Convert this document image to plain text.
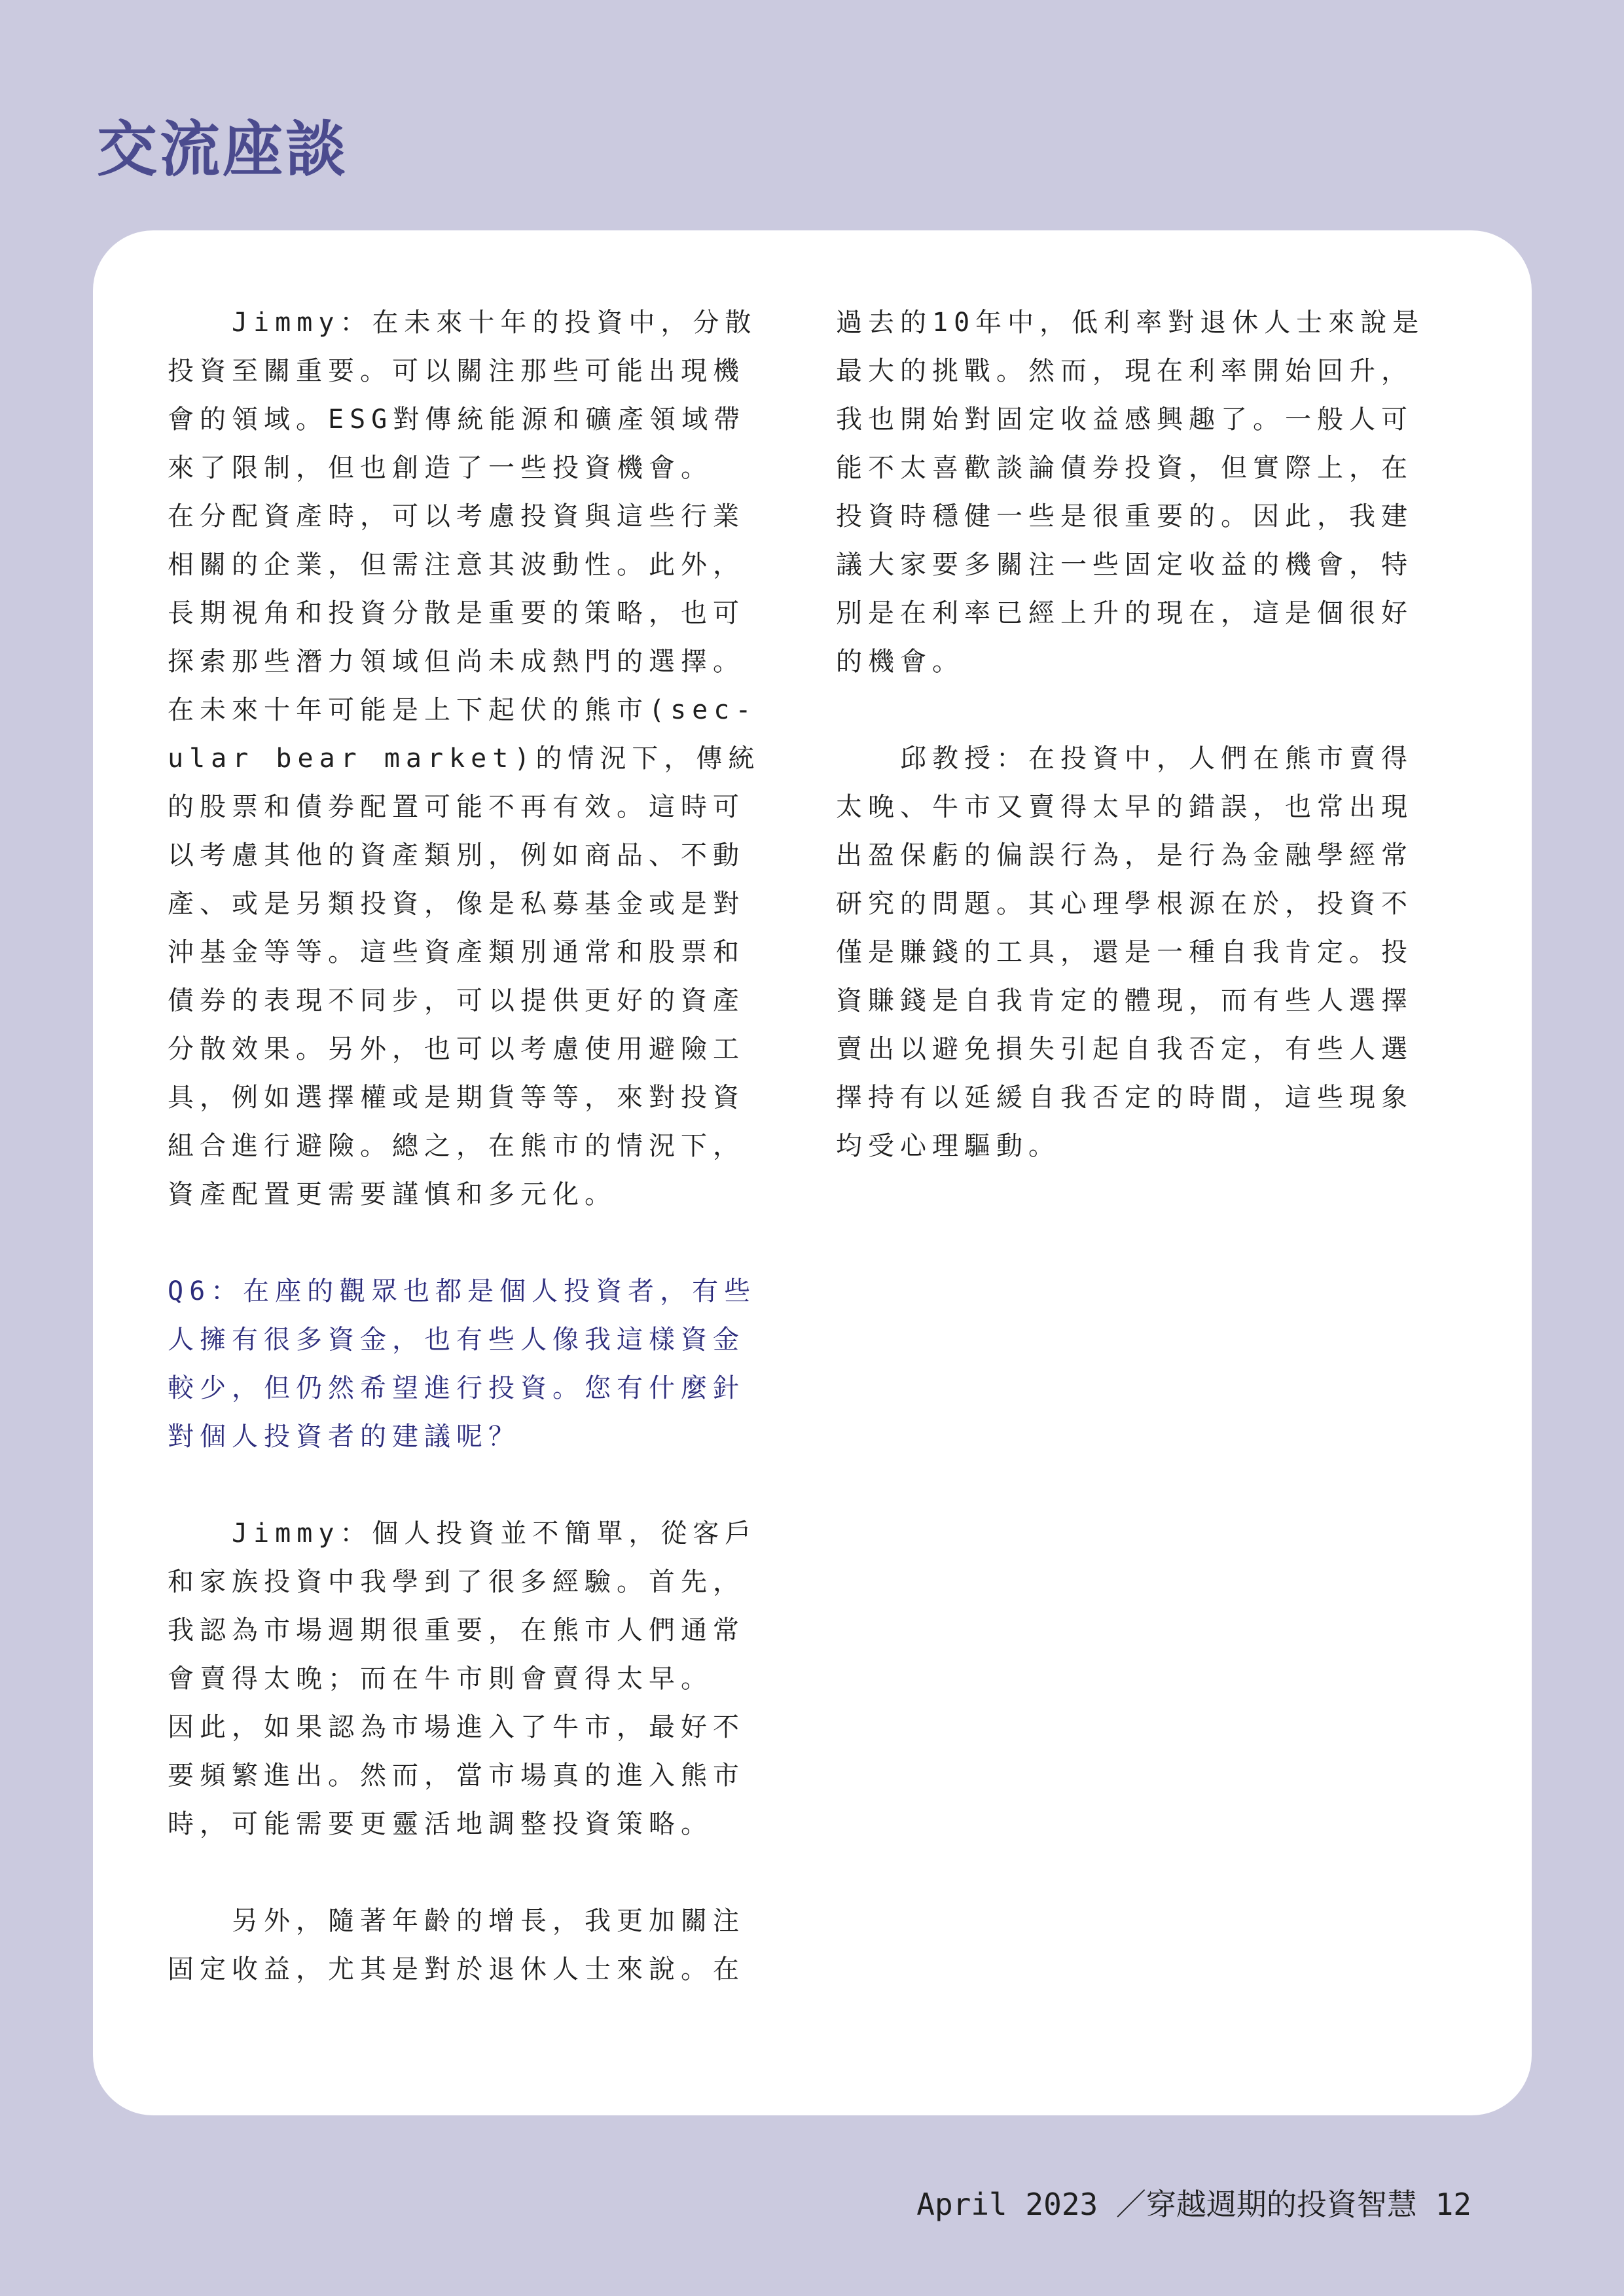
交流座談
　　Jimmy：在未來十年的投資中，分散
投資至關重要。可以關注那些可能出現機
會的領域。ESG對傳統能源和礦產領域帶
來了限制，但也創造了一些投資機會。
在分配資產時，可以考慮投資與這些行業
相關的企業，但需注意其波動性。此外，
長期視角和投資分散是重要的策略，也可
探索那些潛力領域但尚未成熱門的選擇。
在未來十年可能是上下起伏的熊市(sec-
ular bear market)的情況下，傳統
的股票和債券配置可能不再有效。這時可
以考慮其他的資產類別，例如商品、不動
產、或是另類投資，像是私募基金或是對
沖基金等等。這些資產類別通常和股票和
債券的表現不同步，可以提供更好的資產
分散效果。另外，也可以考慮使用避險工
具，例如選擇權或是期貨等等，來對投資
組合進行避險。總之，在熊市的情況下，
資產配置更需要謹慎和多元化。
Q6：在座的觀眾也都是個人投資者，有些
人擁有很多資金，也有些人像我這樣資金
較少，但仍然希望進行投資。您有什麼針
對個人投資者的建議呢？
　　Jimmy：個人投資並不簡單，從客戶
和家族投資中我學到了很多經驗。首先，
我認為市場週期很重要，在熊市人們通常
會賣得太晚；而在牛市則會賣得太早。
因此，如果認為市場進入了牛市，最好不
要頻繁進出。然而，當市場真的進入熊市
時，可能需要更靈活地調整投資策略。
　　另外，隨著年齡的增長，我更加關注
固定收益，尤其是對於退休人士來說。在
過去的10年中，低利率對退休人士來說是
最大的挑戰。然而，現在利率開始回升，
我也開始對固定收益感興趣了。一般人可
能不太喜歡談論債券投資，但實際上，在
投資時穩健一些是很重要的。因此，我建
議大家要多關注一些固定收益的機會，特
別是在利率已經上升的現在，這是個很好
的機會。
　　邱教授：在投資中，人們在熊市賣得
太晚、牛市又賣得太早的錯誤，也常出現
出盈保虧的偏誤行為，是行為金融學經常
研究的問題。其心理學根源在於，投資不
僅是賺錢的工具，還是一種自我肯定。投
資賺錢是自我肯定的體現，而有些人選擇
賣出以避免損失引起自我否定，有些人選
擇持有以延緩自我否定的時間，這些現象
均受心理驅動。
April 2023 ／穿越週期的投資智慧 12
